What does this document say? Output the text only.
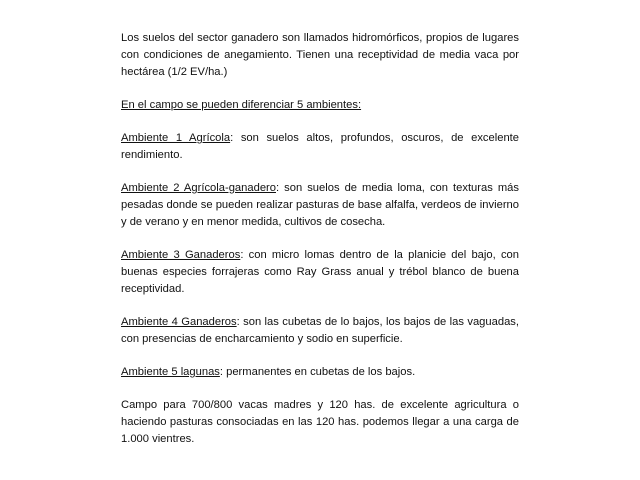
Los suelos del sector ganadero son llamados hidromórficos, propios de lugares con condiciones de anegamiento. Tienen una receptividad de media vaca por hectárea (1/2 EV/ha.)

En el campo se pueden diferenciar 5 ambientes:

Ambiente 1 Agrícola: son suelos altos, profundos, oscuros, de excelente rendimiento.

Ambiente 2 Agrícola-ganadero: son suelos de media loma, con texturas más pesadas donde se pueden realizar pasturas de base alfalfa, verdeos de invierno y de verano y en menor medida, cultivos de cosecha.

Ambiente 3 Ganaderos: con micro lomas dentro de la planicie del bajo, con buenas especies forrajeras como Ray Grass anual y trébol blanco de buena receptividad.

Ambiente 4 Ganaderos: son las cubetas de lo bajos, los bajos de las vaguadas, con presencias de encharcamiento y sodio en superficie.

Ambiente 5 lagunas: permanentes en cubetas de los bajos.

Campo para 700/800 vacas madres y 120 has. de excelente agricultura o haciendo pasturas consociadas en las 120 has. podemos llegar a una carga de 1.000 vientres.
